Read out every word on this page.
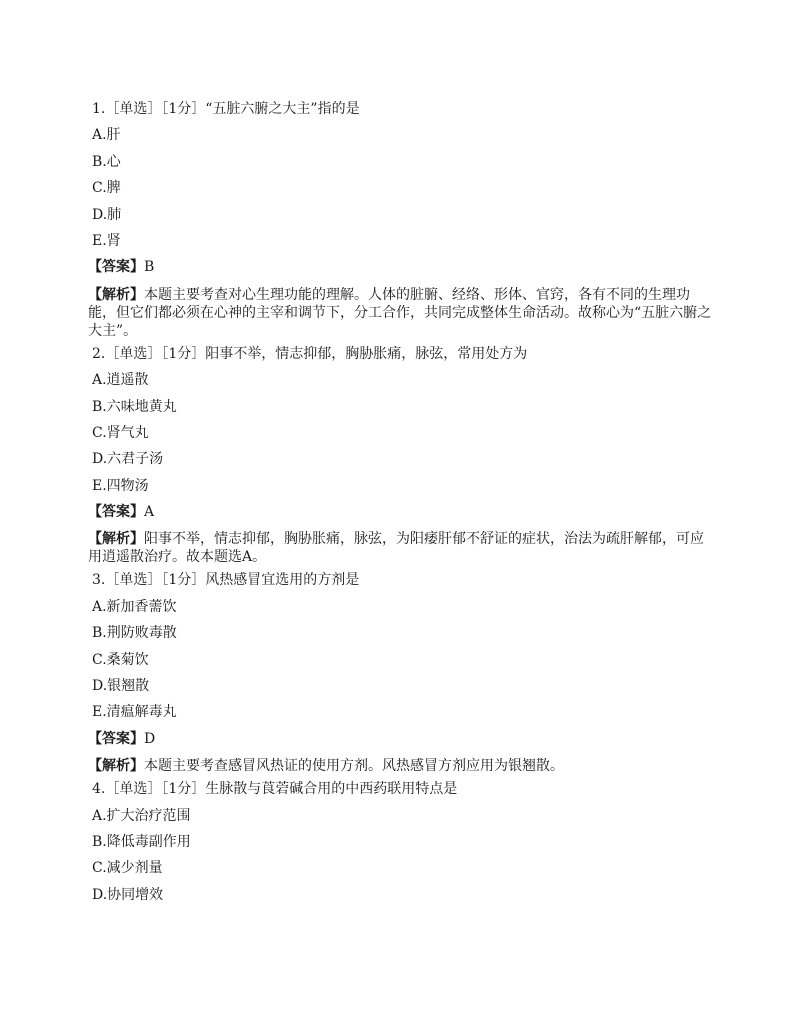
1.［单选］［1分］“五脏六腑之大主”指的是
A.肝
B.心
C.脾
D.肺
E.肾
【答案】B
【解析】本题主要考查对心生理功能的理解。人体的脏腑、经络、形体、官窍，各有不同的生理功能，但它们都必须在心神的主宰和调节下，分工合作，共同完成整体生命活动。故称心为“五脏六腑之大主”。
2.［单选］［1分］阳事不举，情志抑郁，胸胁胀痛，脉弦，常用处方为
A.逍遥散
B.六味地黄丸
C.肾气丸
D.六君子汤
E.四物汤
【答案】A
【解析】阳事不举，情志抑郁，胸胁胀痛，脉弦，为阳痿肝郁不舒证的症状，治法为疏肝解郁，可应用逍遥散治疗。故本题选A。
3.［单选］［1分］风热感冒宜选用的方剂是
A.新加香薷饮
B.荆防败毒散
C.桑菊饮
D.银翘散
E.清瘟解毒丸
【答案】D
【解析】本题主要考查感冒风热证的使用方剂。风热感冒方剂应用为银翘散。
4.［单选］［1分］生脉散与莨菪碱合用的中西药联用特点是
A.扩大治疗范围
B.降低毒副作用
C.减少剂量
D.协同增效
